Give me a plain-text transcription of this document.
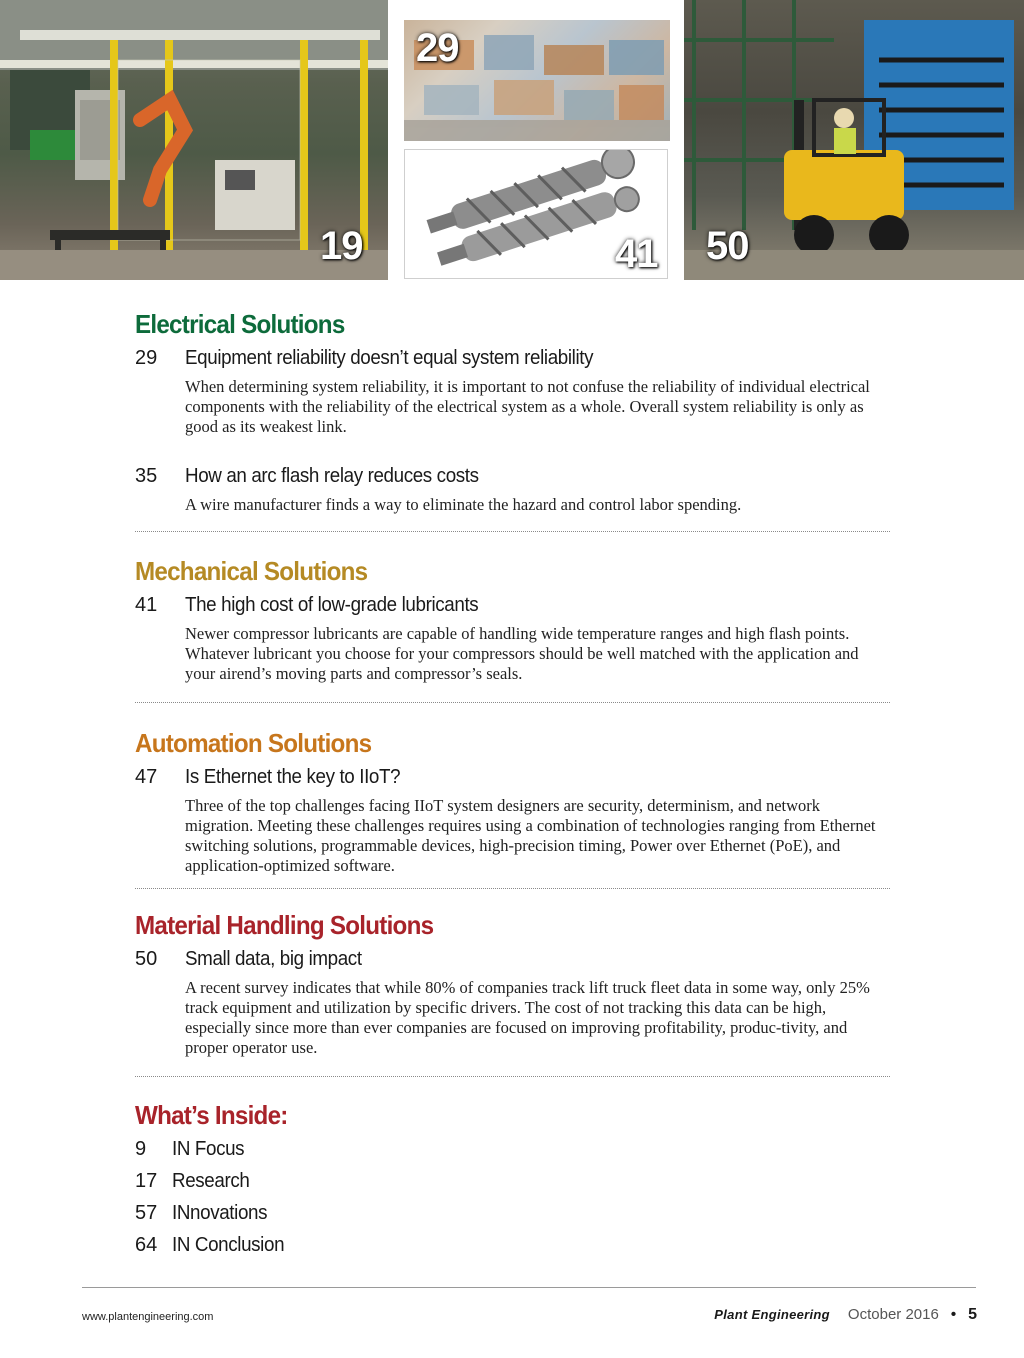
19
29
41 50
Electrical Solutions
29 Equipment reliability doesn’t equal system reliability
When determining system reliability, it is important to not confuse the reliability of individual electrical components with the reliability of the electrical system as a whole. Overall system reliability is only as good as its weakest link.
35 How an arc flash relay reduces costs
A wire manufacturer finds a way to eliminate the hazard and control labor spending.
Mechanical Solutions
41 The high cost of low-grade lubricants
Newer compressor lubricants are capable of handling wide temperature ranges and high flash points. Whatever lubricant you choose for your compressors should be well matched with the application and your airend’s moving parts and compressor’s seals.
Automation Solutions
47 Is Ethernet the key to IIoT?
Three of the top challenges facing IIoT system designers are security, determinism, and network migration. Meeting these challenges requires using a combination of technologies ranging from Ethernet switching solutions, programmable devices, high-precision timing, Power over Ethernet (PoE), and application-optimized software.
Material Handling Solutions
50 Small data, big impact
A recent survey indicates that while 80% of companies track lift truck fleet data in some way, only 25% track equipment and utilization by specific drivers. The cost of not tracking this data can be high, especially since more than ever companies are focused on improving profitability, produc-tivity, and proper operator use.
What’s Inside:
9 IN Focus
17 Research
57 INnovations
64 IN Conclusion
www.plantengineering.com	Plant Engineering October 2016 • 5
